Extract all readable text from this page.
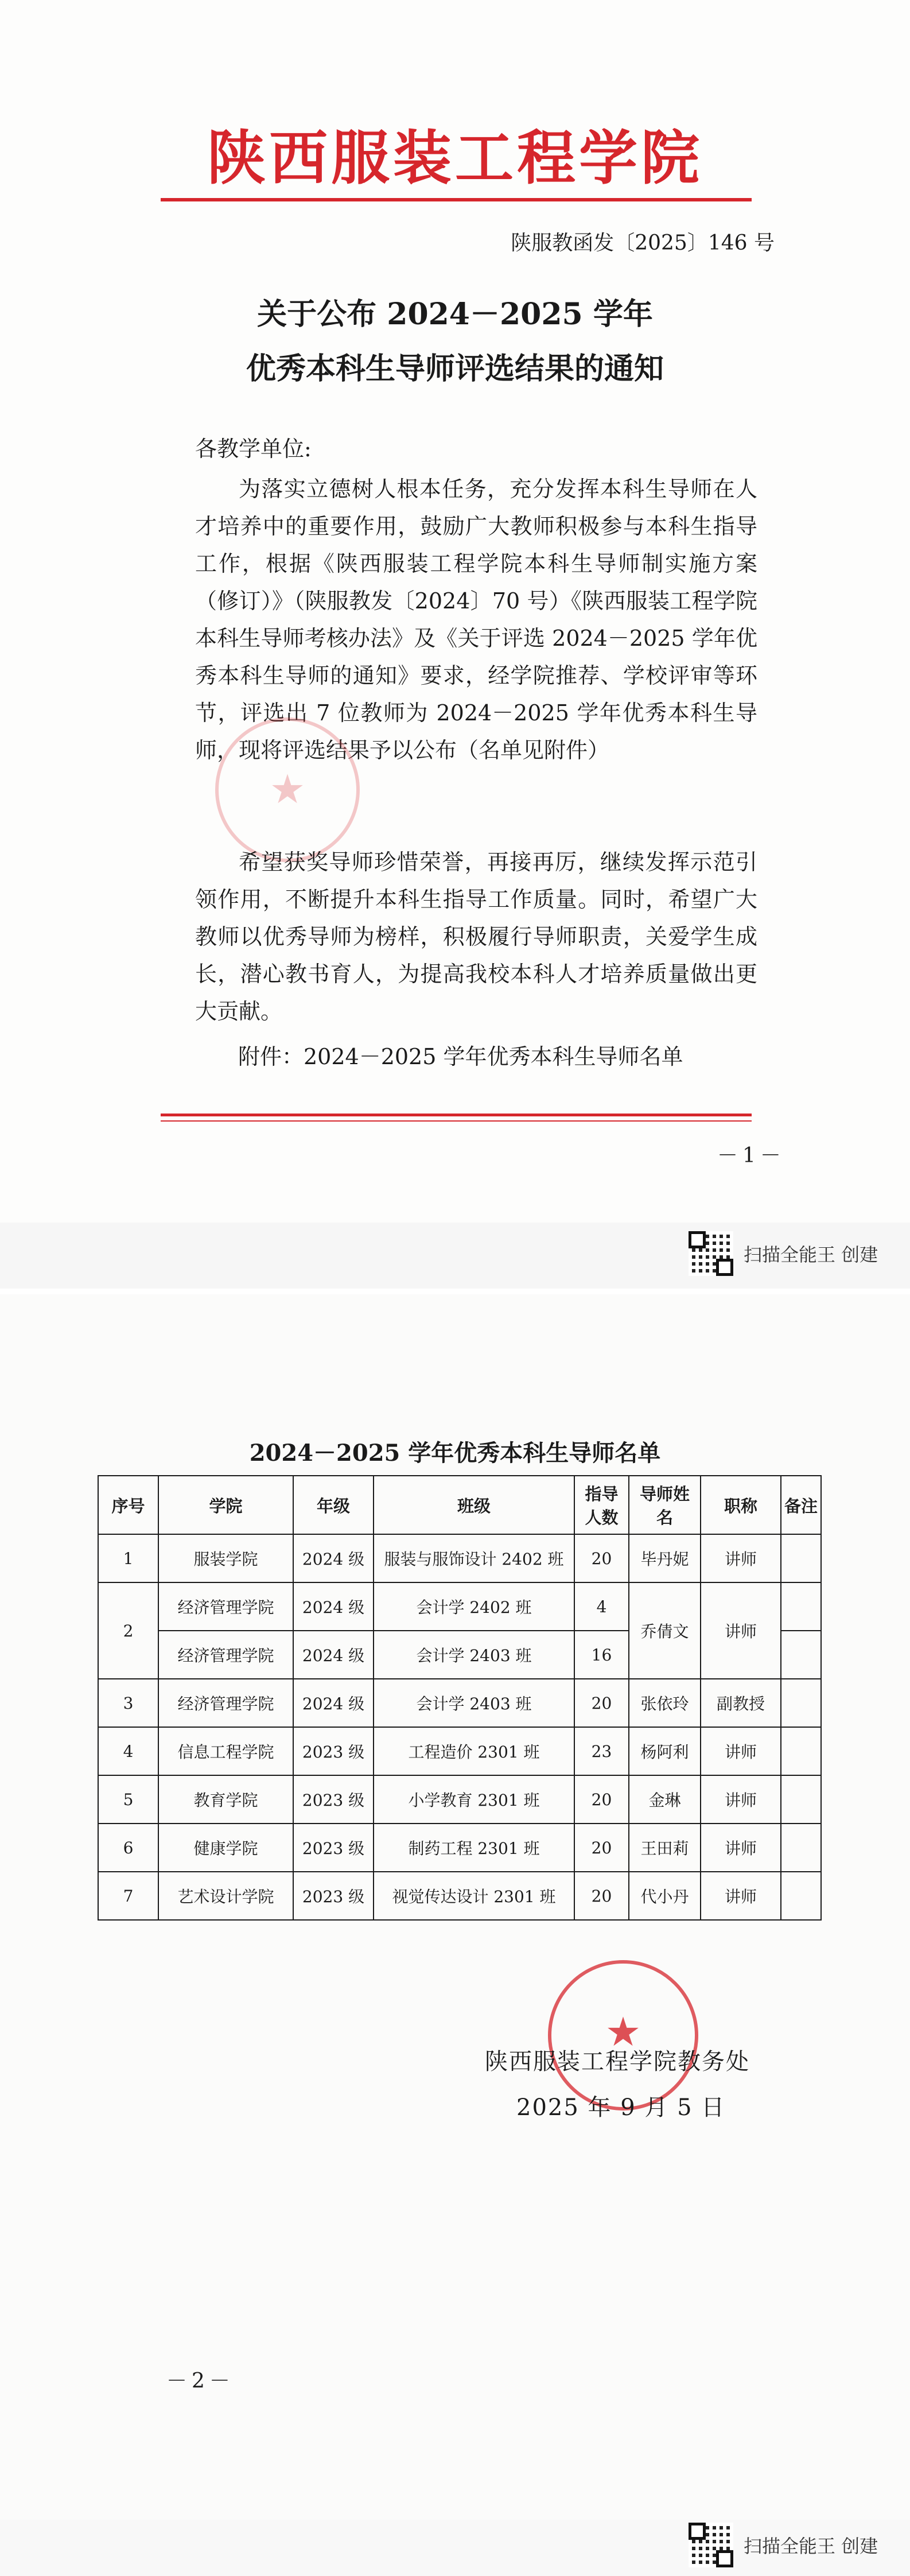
陕西服装工程学院
陕服教函发〔2025〕146 号
关于公布 2024－2025 学年
优秀本科生导师评选结果的通知
各教学单位:
为落实立德树人根本任务，充分发挥本科生导师在人才培养中的重要作用，鼓励广大教师积极参与本科生指导工作，根据《陕西服装工程学院本科生导师制实施方案（修订）》（陕服教发〔2024〕70 号）《陕西服装工程学院本科生导师考核办法》及《关于评选 2024－2025 学年优秀本科生导师的通知》要求，经学院推荐、学校评审等环节，评选出 7 位教师为 2024－2025 学年优秀本科生导师，现将评选结果予以公布（名单见附件）
★
希望获奖导师珍惜荣誉，再接再厉，继续发挥示范引领作用，不断提升本科生指导工作质量。同时，希望广大教师以优秀导师为榜样，积极履行导师职责，关爱学生成长，潜心教书育人，为提高我校本科人才培养质量做出更大贡献。
附件：2024－2025 学年优秀本科生导师名单
－1－
扫描全能王 创建
2024－2025 学年优秀本科生导师名单
序号	学院	年级	班级	指导人数	导师姓名	职称	备注
1	服装学院	2024 级	服装与服饰设计 2402 班	20	毕丹妮	讲师	
2	经济管理学院	2024 级	会计学 2402 班	4	乔倩文	讲师	
	经济管理学院	2024 级	会计学 2403 班	16			
3	经济管理学院	2024 级	会计学 2403 班	20	张依玲	副教授	
4	信息工程学院	2023 级	工程造价 2301 班	23	杨阿利	讲师	
5	教育学院	2023 级	小学教育 2301 班	20	金琳	讲师	
6	健康学院	2023 级	制药工程 2301 班	20	王田莉	讲师	
7	艺术设计学院	2023 级	视觉传达设计 2301 班	20	代小丹	讲师	
★
陕西服装工程学院教务处
2025 年 9 月 5 日
－2－
扫描全能王 创建
